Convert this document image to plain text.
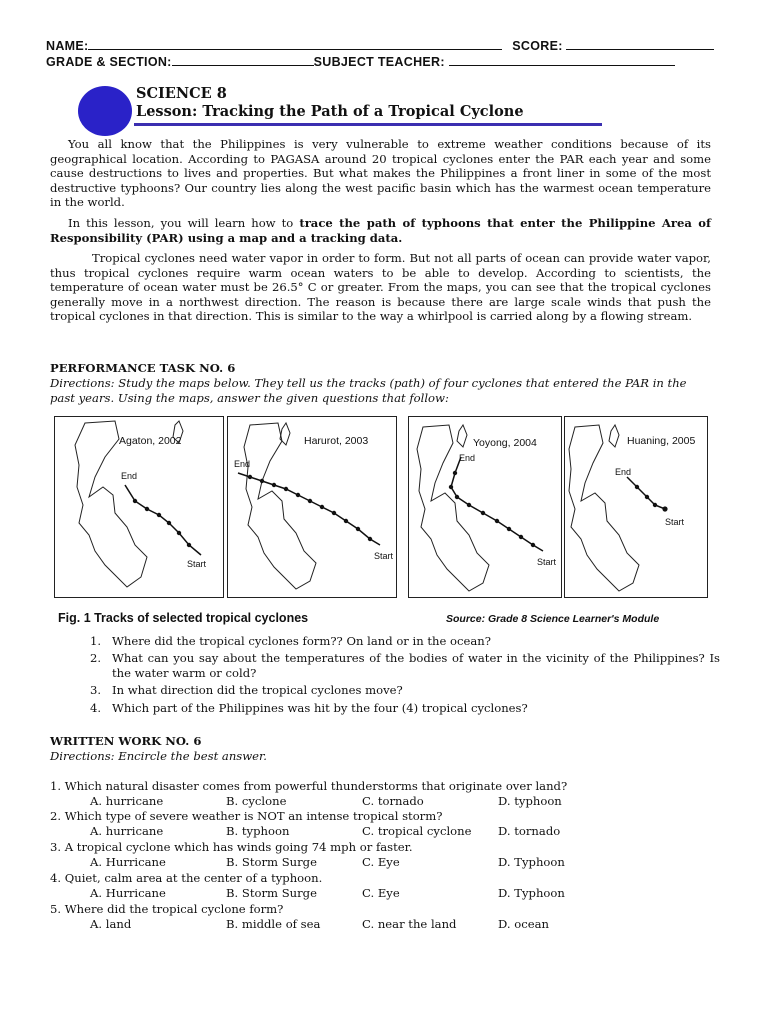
NAME:	SCORE:
GRADE & SECTION:	SUBJECT TEACHER:
SCIENCE 8
Lesson: Tracking the Path of a Tropical Cyclone
You all know that the Philippines is very vulnerable to extreme weather conditions because of its geographical location. According to PAGASA around 20 tropical cyclones enter the PAR each year and some cause destructions to lives and properties. But what makes the Philippines a front liner in some of the most destructive typhoons? Our country lies along the west pacific basin which has the warmest ocean temperature in the world.
In this lesson, you will learn how to trace the path of typhoons that enter the Philippine Area of Responsibility (PAR) using a map and a tracking data.
Tropical cyclones need water vapor in order to form. But not all parts of ocean can provide water vapor, thus tropical cyclones require warm ocean waters to be able to develop. According to scientists, the temperature of ocean water must be 26.5° C or greater. From the maps, you can see that the tropical cyclones generally move in a northwest direction. The reason is because there are large scale winds that push the tropical cyclones in that direction. This is similar to the way a whirlpool is carried along by a flowing stream.
PERFORMANCE TASK NO. 6
Directions: Study the maps below. They tell us the tracks (path) of four cyclones that entered the PAR in the past years. Using the maps, answer the given questions that follow:
Agaton, 2002
End
Start
Harurot, 2003
End
Start
Yoyong, 2004
End
Start
Huaning, 2005
End
Start
Fig. 1 Tracks of selected tropical cyclones	Source: Grade 8 Science Learner's Module
1. Where did the tropical cyclones form?? On land or in the ocean?
2. What can you say about the temperatures of the bodies of water in the vicinity of the Philippines? Is the water warm or cold?
3. In what direction did the tropical cyclones move?
4. Which part of the Philippines was hit by the four (4) tropical cyclones?
WRITTEN WORK NO. 6
Directions: Encircle the best answer.
1. Which natural disaster comes from powerful thunderstorms that originate over land?
A. hurricane	B. cyclone	C. tornado	D. typhoon
2. Which type of severe weather is NOT an intense tropical storm?
A. hurricane	B. typhoon	C. tropical cyclone D. tornado
3. A tropical cyclone which has winds going 74 mph or faster.
A. Hurricane	B. Storm Surge	C. Eye	D. Typhoon
4. Quiet, calm area at the center of a typhoon.
A. Hurricane	B. Storm Surge	C. Eye	D. Typhoon
5. Where did the tropical cyclone form?
A. land	B. middle of sea	C. near the land	D. ocean
